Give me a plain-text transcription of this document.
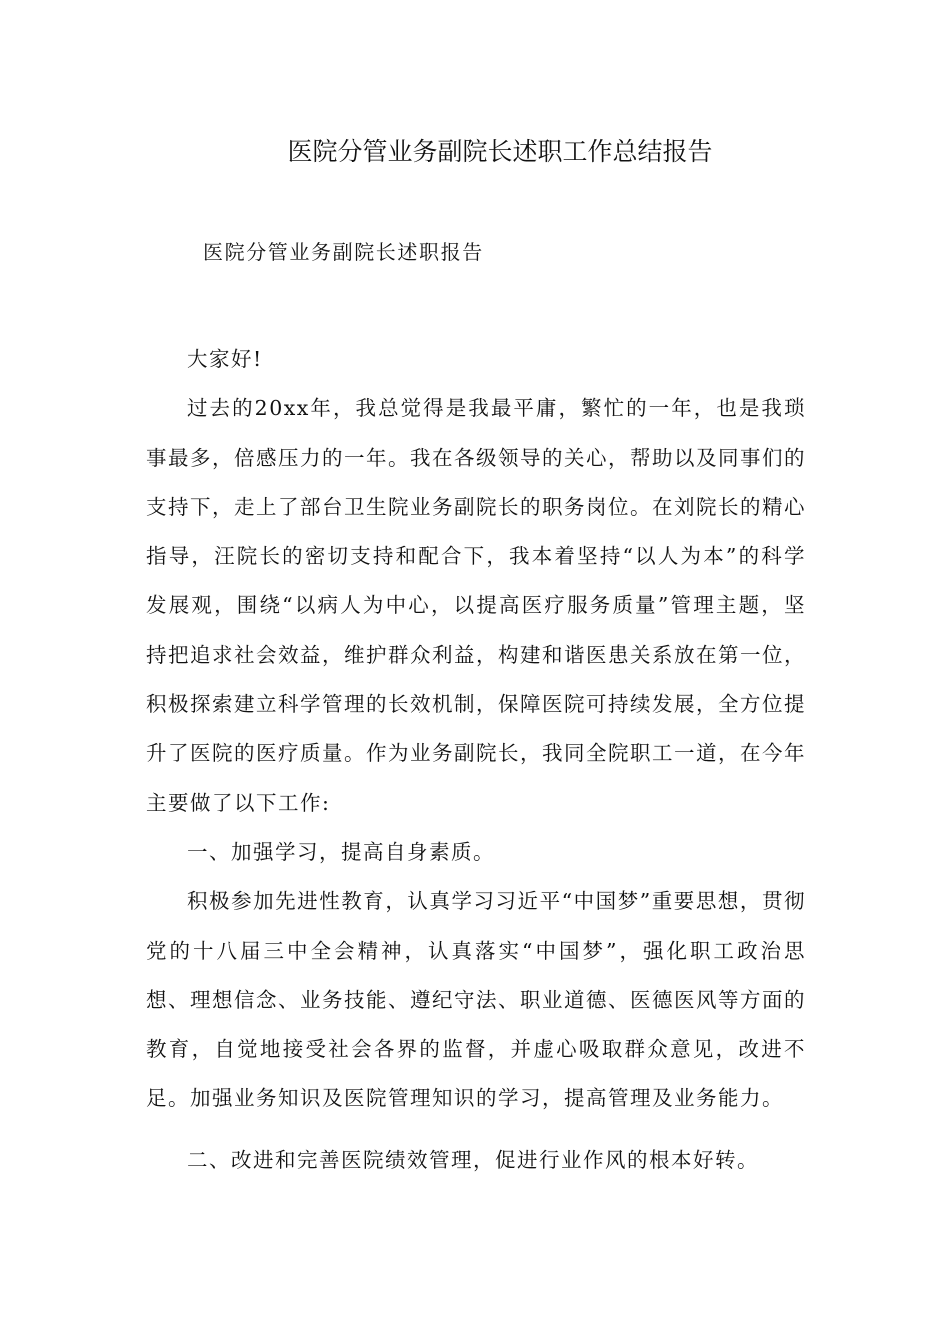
医院分管业务副院长述职工作总结报告

医院分管业务副院长述职报告

大家好!

过去的20xx年，我总觉得是我最平庸，繁忙的一年，也是我琐事最多，倍感压力的一年。我在各级领导的关心，帮助以及同事们的支持下，走上了部台卫生院业务副院长的职务岗位。在刘院长的精心指导，汪院长的密切支持和配合下，我本着坚持“以人为本”的科学发展观，围绕“以病人为中心，以提高医疗服务质量”管理主题，坚持把追求社会效益，维护群众利益，构建和谐医患关系放在第一位，积极探索建立科学管理的长效机制，保障医院可持续发展，全方位提升了医院的医疗质量。作为业务副院长，我同全院职工一道，在今年主要做了以下工作:

一、加强学习，提高自身素质。

积极参加先进性教育，认真学习习近平“中国梦”重要思想，贯彻党的十八届三中全会精神，认真落实“中国梦”，强化职工政治思想、理想信念、业务技能、遵纪守法、职业道德、医德医风等方面的教育，自觉地接受社会各界的监督，并虚心吸取群众意见，改进不足。加强业务知识及医院管理知识的学习，提高管理及业务能力。

二、改进和完善医院绩效管理，促进行业作风的根本好转。
